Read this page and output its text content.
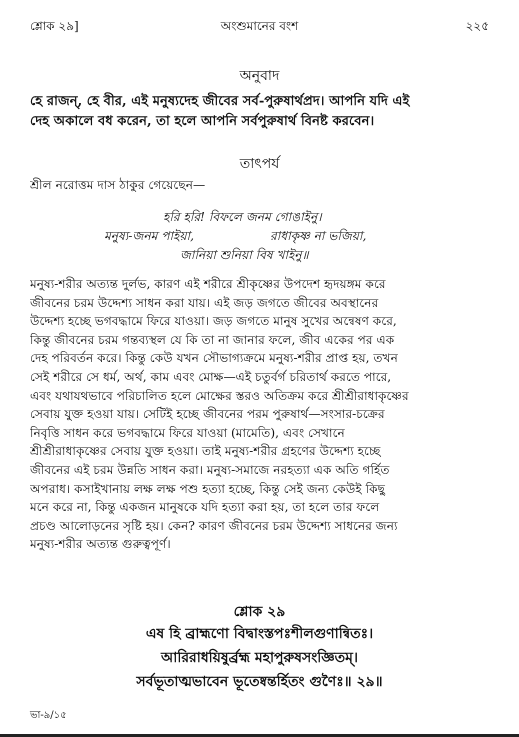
শ্লোক ২৯]	অংশুমানের বংশ	২২৫
অনুবাদ
হে রাজন্, হে বীর, এই মনুষ্যদেহ জীবের সর্ব-পুরুষার্থপ্রদ। আপনি যদি এই
দেহ অকালে বধ করেন, তা হলে আপনি সর্বপুরুষার্থ বিনষ্ট করবেন।
তাৎপর্য
শ্রীল নরোত্তম দাস ঠাকুর গেয়েছেন—
হরি হরি! বিফলে জনম গোঙাইনু।
মনুষ্য-জনম পাইয়া,	রাধাকৃষ্ণ না ভজিয়া,
জানিয়া শুনিয়া বিষ খাইনু॥
মনুষ্য-শরীর অত্যন্ত দুর্লভ, কারণ এই শরীরে শ্রীকৃষ্ণের উপদেশ হৃদয়ঙ্গম করে
জীবনের চরম উদ্দেশ্য সাধন করা যায়। এই জড় জগতে জীবের অবস্থানের
উদ্দেশ্য হচ্ছে ভগবদ্ধামে ফিরে যাওয়া। জড় জগতে মানুষ সুখের অন্বেষণ করে,
কিন্তু জীবনের চরম গন্তব্যস্থল যে কি তা না জানার ফলে, জীব একের পর এক
দেহ পরিবর্তন করে। কিন্তু কেউ যখন সৌভাগ্যক্রমে মনুষ্য-শরীর প্রাপ্ত হয়, তখন
সেই শরীরে সে ধর্ম, অর্থ, কাম এবং মোক্ষ—এই চতুর্বর্গ চরিতার্থ করতে পারে,
এবং যথাযথভাবে পরিচালিত হলে মোক্ষের স্তরও অতিক্রম করে শ্রীশ্রীরাধাকৃষ্ণের
সেবায় যুক্ত হওয়া যায়। সেটিই হচ্ছে জীবনের পরম পুরুষার্থ—সংসার-চক্রের
নিবৃত্তি সাধন করে ভগবদ্ধামে ফিরে যাওয়া (মামেতি), এবং সেখানে
শ্রীশ্রীরাধাকৃষ্ণের সেবায় যুক্ত হওয়া। তাই মনুষ্য-শরীর গ্রহণের উদ্দেশ্য হচ্ছে
জীবনের এই চরম উন্নতি সাধন করা। মনুষ্য-সমাজে নরহত্যা এক অতি গর্হিত
অপরাধ। কসাইখানায় লক্ষ লক্ষ পশু হত্যা হচ্ছে, কিন্তু সেই জন্য কেউই কিছু
মনে করে না, কিন্তু একজন মানুষকে যদি হত্যা করা হয়, তা হলে তার ফলে
প্রচণ্ড আলোড়নের সৃষ্টি হয়। কেন? কারণ জীবনের চরম উদ্দেশ্য সাধনের জন্য
মনুষ্য-শরীর অত্যন্ত গুরুত্বপূর্ণ।
শ্লোক ২৯
এষ হি ব্রাহ্মণো বিদ্বাংস্তপঃশীলগুণান্বিতঃ।
আরিরাধয়িষুর্ব্রহ্ম মহাপুরুষসংজ্ঞিতম্।
সর্বভূতাত্মভাবেন ভূতেষ্বন্তর্হিতং গুণৈঃ॥ ২৯॥
ভা-৯/১৫
